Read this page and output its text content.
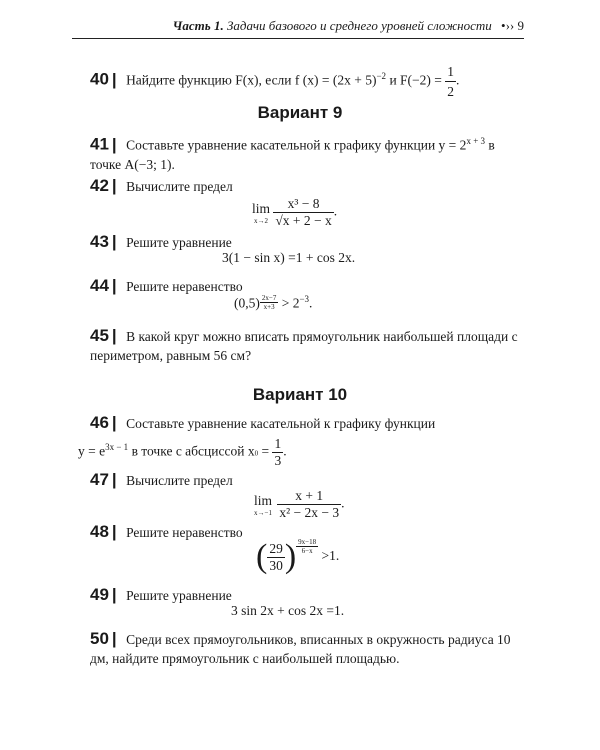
Часть 1. Задачи базового и среднего уровней сложности •›› 9
40 | Найдите функцию F(x), если f $(x) = (2x + 5)^{-2}$ и $F(-2) = \frac{1}{2}$ .
Вариант 9
41 | Составьте уравнение касательной к графику функции $y = 2^{x + 3}$ в точке A(−3; 1).
42 | Вычислите предел
lim
x→2
$\frac{\text{x³ − 8}}{√x + 2 - x}$ .
43 | Решите уравнение
3(1 − sin x) =1 + cos 2x.
44 | Решите неравенство
$(0,5) \frac{2x-7}{x+3} > 2^{-3}$.
45 | В какой круг можно вписать прямоугольник наибольшей площади с периметром, равным 56 см?
Вариант 10
46 | Составьте уравнение касательной к графику функции
$y = e^{3x - 1}$ в точке с абсциссой $x0 = \frac{1}{3}$ .
47 | Вычислите предел
lim
x→−1
$\frac{x + 1}{\text{x² − 2x − 3}}$ .
48 | Решите неравенство
( $\frac{29}{30}$ ) $\frac{9x-18}{6-x}$
>1.
49 | Решите уравнение
3 sin 2x + cos 2x =1.
50 | Среди всех прямоугольников, вписанных в окружность радиуса 10 дм, найдите прямоугольник с наибольшей площадью.
